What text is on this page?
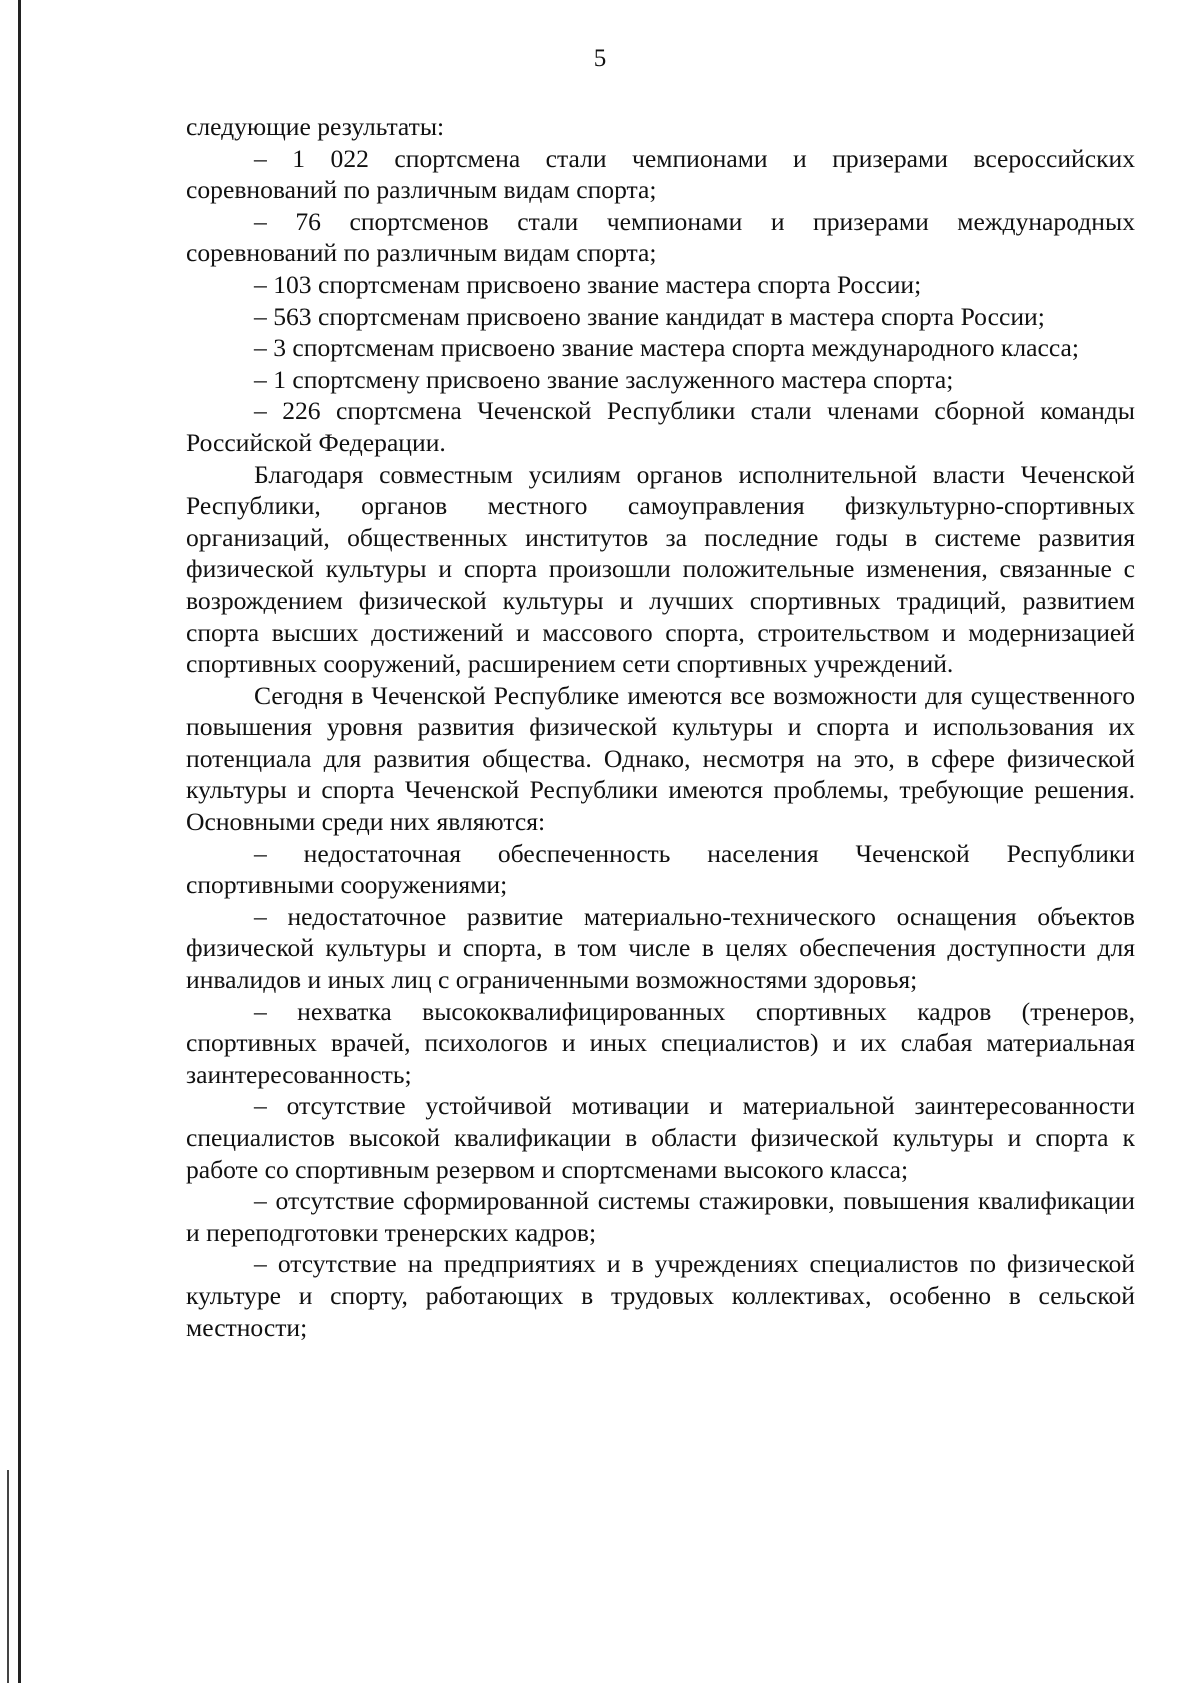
5

следующие результаты:

– 1 022 спортсмена стали чемпионами и призерами всероссийских соревнований по различным видам спорта;

– 76 спортсменов стали чемпионами и призерами международных соревнований по различным видам спорта;

– 103 спортсменам присвоено звание мастера спорта России;

– 563 спортсменам присвоено звание кандидат в мастера спорта России;

– 3 спортсменам присвоено звание мастера спорта международного класса;

– 1 спортсмену присвоено звание заслуженного мастера спорта;

– 226 спортсмена Чеченской Республики стали членами сборной команды Российской Федерации.

Благодаря совместным усилиям органов исполнительной власти Чеченской Республики, органов местного самоуправления физкультурно-спортивных организаций, общественных институтов за последние годы в системе развития физической культуры и спорта произошли положительные изменения, связанные с возрождением физической культуры и лучших спортивных традиций, развитием спорта высших достижений и массового спорта, строительством и модернизацией спортивных сооружений, расширением сети спортивных учреждений.

Сегодня в Чеченской Республике имеются все возможности для существенного повышения уровня развития физической культуры и спорта и использования их потенциала для развития общества. Однако, несмотря на это, в сфере физической культуры и спорта Чеченской Республики имеются проблемы, требующие решения. Основными среди них являются:

– недостаточная обеспеченность населения Чеченской Республики спортивными сооружениями;

– недостаточное развитие материально-технического оснащения объектов физической культуры и спорта, в том числе в целях обеспечения доступности для инвалидов и иных лиц с ограниченными возможностями здоровья;

– нехватка высококвалифицированных спортивных кадров (тренеров, спортивных врачей, психологов и иных специалистов) и их слабая материальная заинтересованность;

– отсутствие устойчивой мотивации и материальной заинтересованности специалистов высокой квалификации в области физической культуры и спорта к работе со спортивным резервом и спортсменами высокого класса;

– отсутствие сформированной системы стажировки, повышения квалификации и переподготовки тренерских кадров;

– отсутствие на предприятиях и в учреждениях специалистов по физической культуре и спорту, работающих в трудовых коллективах, особенно в сельской местности;
